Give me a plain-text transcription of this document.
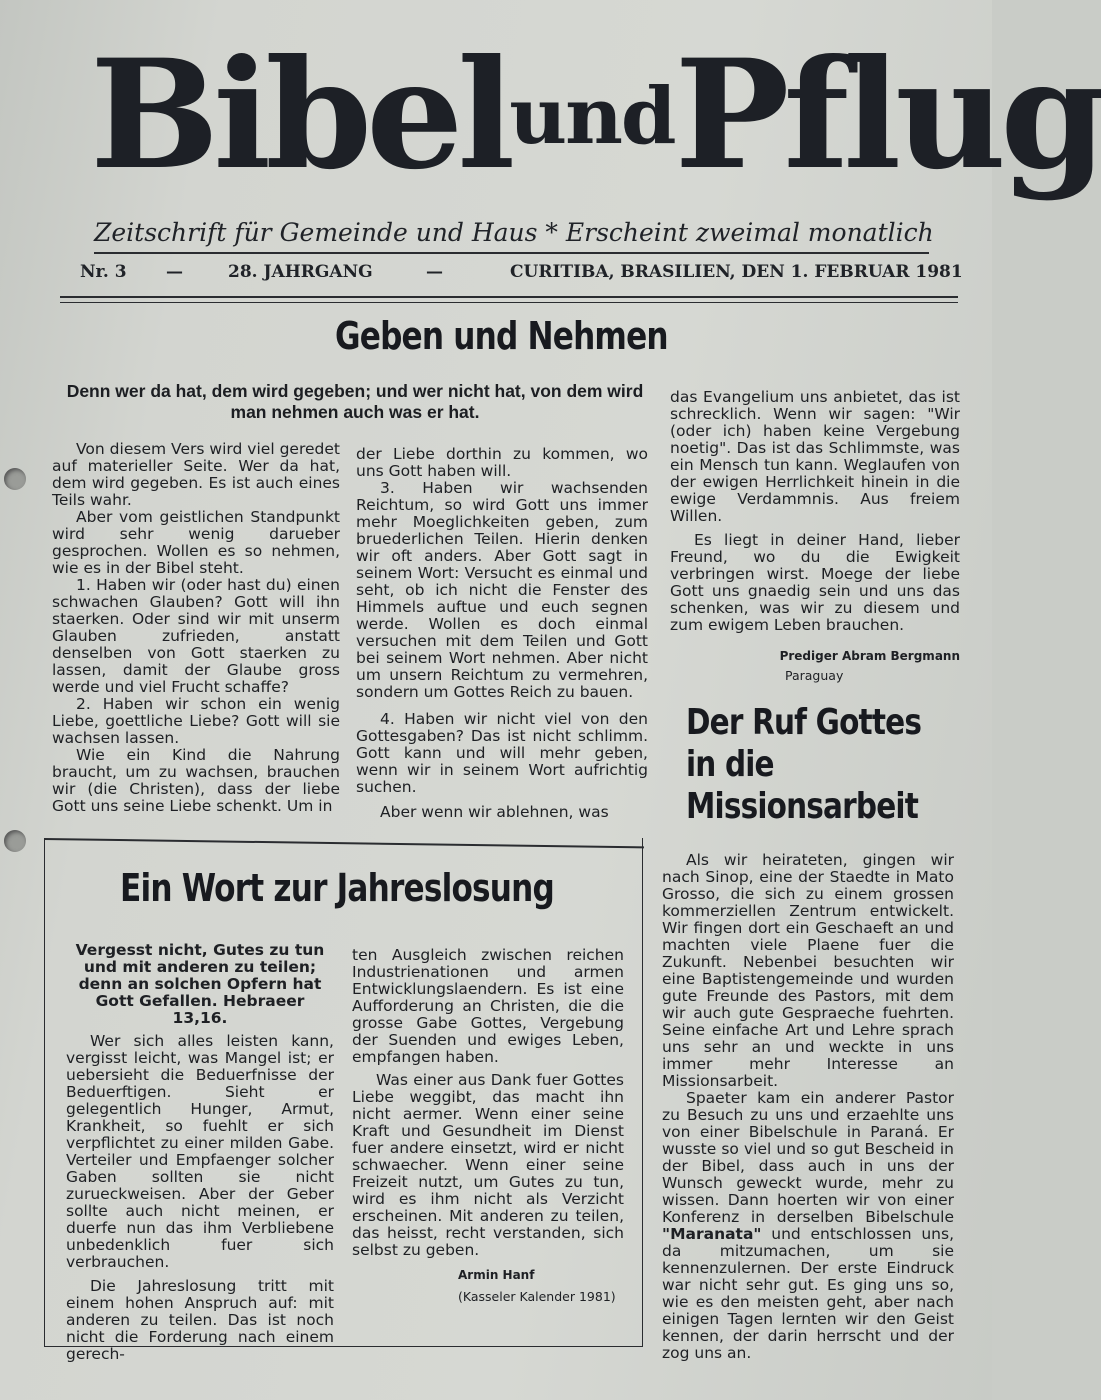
BibelundPflug
Zeitschrift für Gemeinde und Haus * Erscheint zweimal monatlich
Nr. 3 —	28. JAHRGANG	—	CURITIBA, BRASILIEN, DEN 1. FEBRUAR 1981
Geben und Nehmen
Denn wer da hat, dem wird gegeben; und wer nicht hat, von dem wird man nehmen auch was er hat.

Von diesem Vers wird viel geredet auf materieller Seite. Wer da hat, dem wird gegeben. Es ist auch eines Teils wahr.

Aber vom geistlichen Standpunkt wird sehr wenig darueber gesprochen. Wollen es so nehmen, wie es in der Bibel steht.

1. Haben wir (oder hast du) einen schwachen Glauben? Gott will ihn staerken. Oder sind wir mit unserm Glauben zufrieden, anstatt denselben von Gott staerken zu lassen, damit der Glaube gross werde und viel Frucht schaffe?

2. Haben wir schon ein wenig Liebe, goettliche Liebe? Gott will sie wachsen lassen.

Wie ein Kind die Nahrung braucht, um zu wachsen, brauchen wir (die Christen), dass der liebe Gott uns seine Liebe schenkt. Um in

der Liebe dorthin zu kommen, wo uns Gott haben will.

3. Haben wir wachsenden Reichtum, so wird Gott uns immer mehr Moeglichkeiten geben, zum bruederlichen Teilen. Hierin denken wir oft anders. Aber Gott sagt in seinem Wort: Versucht es einmal und seht, ob ich nicht die Fenster des Himmels auftue und euch segnen werde. Wollen es doch einmal versuchen mit dem Teilen und Gott bei seinem Wort nehmen. Aber nicht um unsern Reichtum zu vermehren, sondern um Gottes Reich zu bauen.

4. Haben wir nicht viel von den Gottesgaben? Das ist nicht schlimm. Gott kann und will mehr geben, wenn wir in seinem Wort aufrichtig suchen.

Aber wenn wir ablehnen, was

das Evangelium uns anbietet, das ist schrecklich. Wenn wir sagen: "Wir (oder ich) haben keine Vergebung noetig". Das ist das Schlimmste, was ein Mensch tun kann. Weglaufen von der ewigen Herrlichkeit hinein in die ewige Verdammnis. Aus freiem Willen.

Es liegt in deiner Hand, lieber Freund, wo du die Ewigkeit verbringen wirst. Moege der liebe Gott uns gnaedig sein und uns das schenken, was wir zu diesem und zum ewigem Leben brauchen.

Prediger Abram Bergmann
Paraguay
Der Ruf Gottes in die Missionsarbeit

Als wir heirateten, gingen wir nach Sinop, eine der Staedte in Mato Grosso, die sich zu einem grossen kommerziellen Zentrum entwickelt. Wir fingen dort ein Geschaeft an und machten viele Plaene fuer die Zukunft. Nebenbei besuchten wir eine Baptistengemeinde und wurden gute Freunde des Pastors, mit dem wir auch gute Gespraeche fuehrten. Seine einfache Art und Lehre sprach uns sehr an und weckte in uns immer mehr Interesse an Missionsarbeit.

Spaeter kam ein anderer Pastor zu Besuch zu uns und erzaehlte uns von einer Bibelschule in Paraná. Er wusste so viel und so gut Bescheid in der Bibel, dass auch in uns der Wunsch geweckt wurde, mehr zu wissen. Dann hoerten wir von einer Konferenz in derselben Bibelschule "Maranata" und entschlossen uns, da mitzumachen, um sie kennenzulernen. Der erste Eindruck war nicht sehr gut. Es ging uns so, wie es den meisten geht, aber nach einigen Tagen lernten wir den Geist kennen, der darin herrscht und der zog uns an.

Ein Wort zur Jahreslosung

Vergesst nicht, Gutes zu tun und mit anderen zu teilen; denn an solchen Opfern hat Gott Gefallen. Hebraeer 13,16.

Wer sich alles leisten kann, vergisst leicht, was Mangel ist; er uebersieht die Beduerfnisse der Beduerftigen. Sieht er gelegentlich Hunger, Armut, Krankheit, so fuehlt er sich verpflichtet zu einer milden Gabe. Verteiler und Empfaenger solcher Gaben sollten sie nicht zurueckweisen. Aber der Geber sollte auch nicht meinen, er duerfe nun das ihm Verbliebene unbedenklich fuer sich verbrauchen.

Die Jahreslosung tritt mit einem hohen Anspruch auf: mit anderen zu teilen. Das ist noch nicht die Forderung nach einem gerech-

ten Ausgleich zwischen reichen Industrienationen und armen Entwicklungslaendern. Es ist eine Aufforderung an Christen, die die grosse Gabe Gottes, Vergebung der Suenden und ewiges Leben, empfangen haben.

Was einer aus Dank fuer Gottes Liebe weggibt, das macht ihn nicht aermer. Wenn einer seine Kraft und Gesundheit im Dienst fuer andere einsetzt, wird er nicht schwaecher. Wenn einer seine Freizeit nutzt, um Gutes zu tun, wird es ihm nicht als Verzicht erscheinen. Mit anderen zu teilen, das heisst, recht verstanden, sich selbst zu geben.

Armin Hanf
(Kasseler Kalender 1981)
